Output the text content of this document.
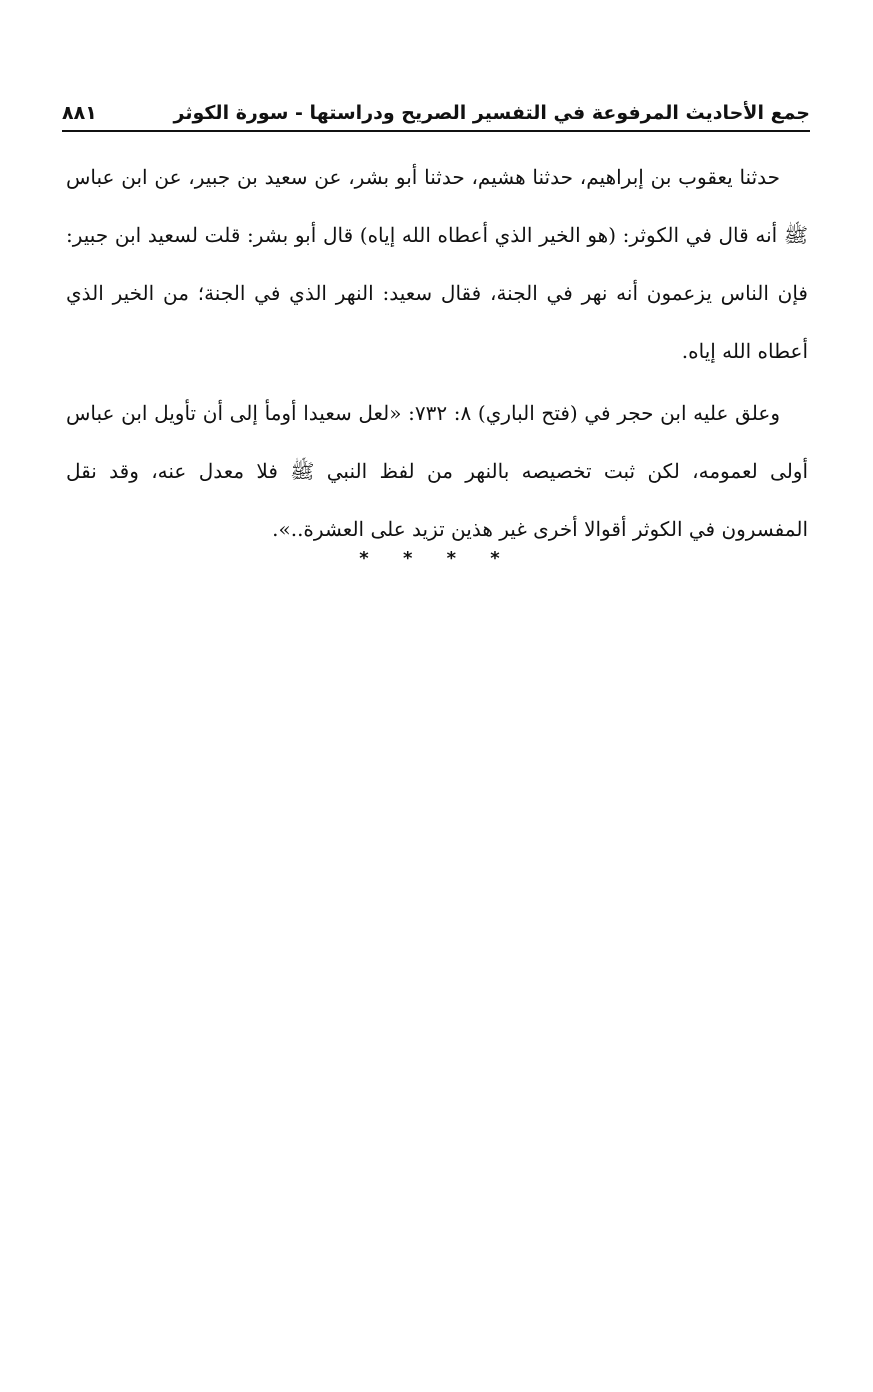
جمع الأحاديث المرفوعة في التفسير الصريح ودراستها - سورة الكوثر
٨٨١

حدثنا يعقوب بن إبراهيم، حدثنا هشيم، حدثنا أبو بشر، عن سعيد بن جبير، عن ابن عباس ﷺ أنه قال في الكوثر: (هو الخير الذي أعطاه الله إياه) قال أبو بشر: قلت لسعيد ابن جبير: فإن الناس يزعمون أنه نهر في الجنة، فقال سعيد: النهر الذي في الجنة؛ من الخير الذي أعطاه الله إياه.

وعلق عليه ابن حجر في (فتح الباري) ٨: ٧٣٢: «لعل سعيدا أومأ إلى أن تأويل ابن عباس أولى لعمومه، لكن ثبت تخصيصه بالنهر من لفظ النبي ﷺ فلا معدل عنه، وقد نقل المفسرون في الكوثر أقوالا أخرى غير هذين تزيد على العشرة..».

* * * *
